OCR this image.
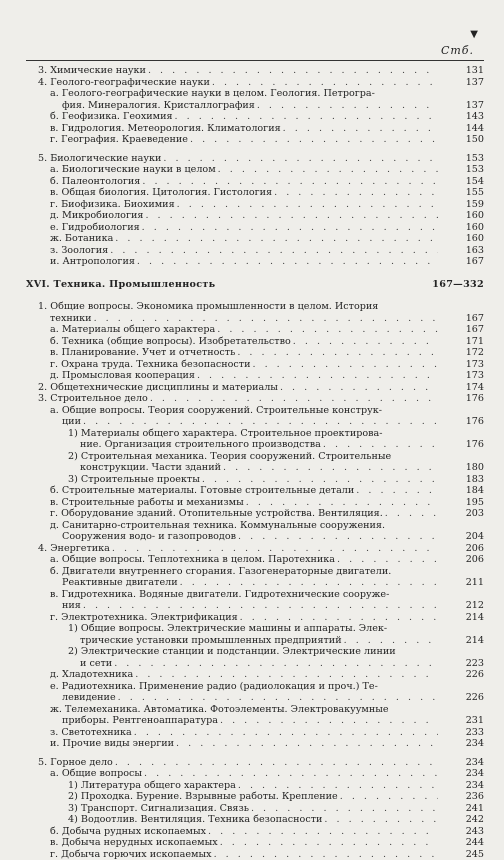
▼
Стб.
3. Химические науки . . .	131
4. Геолого-географические науки . . .	137
а. Геолого-географические науки в целом. Геология. Петрогра-
фия. Минералогия. Кристаллография . . .	137
б. Геофизика. Геохимия . . .	143
в. Гидрология. Метеорология. Климатология . . .	144
г. География. Краеведение . . .	150
5. Биологические науки . . .	153
а. Биологические науки в целом . . .	153
б. Палеонтология . . .	154
в. Общая биология. Цитология. Гистология . . .	155
г. Биофизика. Биохимия . . .	159
д. Микробиология . . .	160
е. Гидробиология . . .	160
ж. Ботаника . . .	160
з. Зоология . . .	163
и. Антропология . . .	167
XVI. Техника. Промышленность	167—332
1. Общие вопросы. Экономика промышленности в целом. История
техники . . .	167
а. Материалы общего характера . . .	167
б. Техника (общие вопросы). Изобретательство . . .	171
в. Планирование. Учет и отчетность . . .	172
г. Охрана труда. Техника безопасности . . .	173
д. Промысловая кооперация . . .	173
2. Общетехнические дисциплины и материалы . . .	174
3. Строительное дело . . .	176
а. Общие вопросы. Теория сооружений. Строительные конструк-
ции . . .	176
1) Материалы общего характера. Строительное проектирова-
ние. Организация строительного производства . . .	176
2) Строительная механика. Теория сооружений. Строительные
конструкции. Части зданий . . .	180
3) Строительные проекты . . .	183
б. Строительные материалы. Готовые строительные детали . . .	184
в. Строительные работы и механизмы . . .	195
г. Оборудование зданий. Отопительные устройства. Вентиляция. . . .	203
д. Санитарно-строительная техника. Коммунальные сооружения.
Сооружения водо- и газопроводов . . .	204
4. Энергетика . . .	206
а. Общие вопросы. Теплотехника в целом. Паротехника . . .	206
б. Двигатели внутреннего сгорания. Газогенераторные двигатели.
Реактивные двигатели . . .	211
в. Гидротехника. Водяные двигатели. Гидротехнические сооруже-
ния . . .	212
г. Электротехника. Электрификация . . .	214
1) Общие вопросы. Электрические машины и аппараты. Элек-
трические установки промышленных предприятий . . .	214
2) Электрические станции и подстанции. Электрические линии
и сети . . .	223
д. Хладотехника . . .	226
е. Радиотехника. Применение радио (радиолокация и проч.) Те-
левидение . . .	226
ж. Телемеханика. Автоматика. Фотоэлементы. Электровакуумные
приборы. Рентгеноаппаратура . . .	231
з. Светотехника . . .	233
и. Прочие виды энергии . . .	234
5. Горное дело . . .	234
а. Общие вопросы . . .	234
1) Литература общего характера . . .	234
2) Проходка. Бурение. Взрывные работы. Крепление . . .	236
3) Транспорт. Сигнализация. Связь . . .	241
4) Водоотлив. Вентиляция. Техника безопасности . . .	242
б. Добыча рудных ископаемых . . .	243
в. Добыча нерудных ископаемых . . .	244
г. Добыча горючих ископаемых . . .	245
